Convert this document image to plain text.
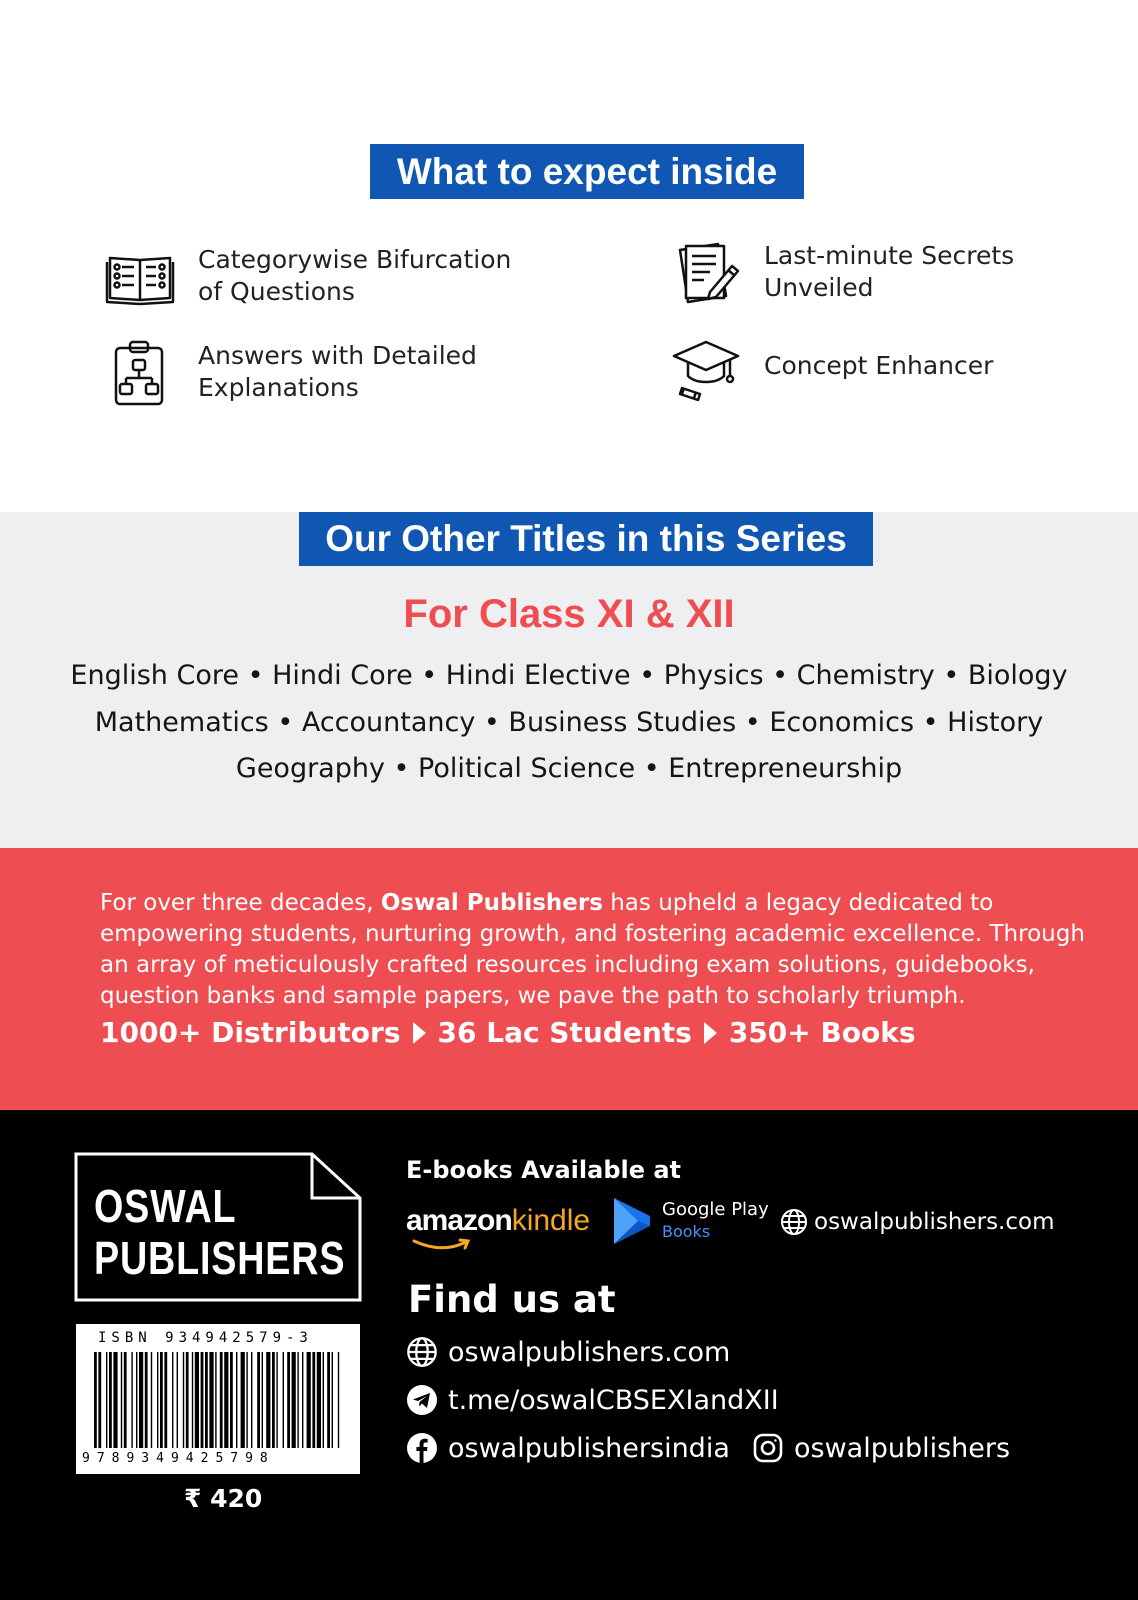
What to expect inside
Categorywise Bifurcation
of Questions
Answers with Detailed
Explanations
Last-minute Secrets
Unveiled
Concept Enhancer
Our Other Titles in this Series
For Class XI & XII
English Core • Hindi Core • Hindi Elective • Physics • Chemistry • Biology
Mathematics • Accountancy • Business Studies • Economics • History
Geography • Political Science • Entrepreneurship
For over three decades, Oswal Publishers has upheld a legacy dedicated to empowering students, nurturing growth, and fostering academic excellence. Through an array of meticulously crafted resources including exam solutions, guidebooks, question banks and sample papers, we pave the path to scholarly triumph.
1000+ Distributors 36 Lac Students 350+ Books
OSWAL
PUBLISHERS
ISBN 934942579-3
9789349425798
₹ 420
E-books Available at
amazonkindle	Google Play
Books	oswalpublishers.com
Find us at
oswalpublishers.com
t.me/oswalCBSEXIandXII
oswalpublishersindia oswalpublishers
